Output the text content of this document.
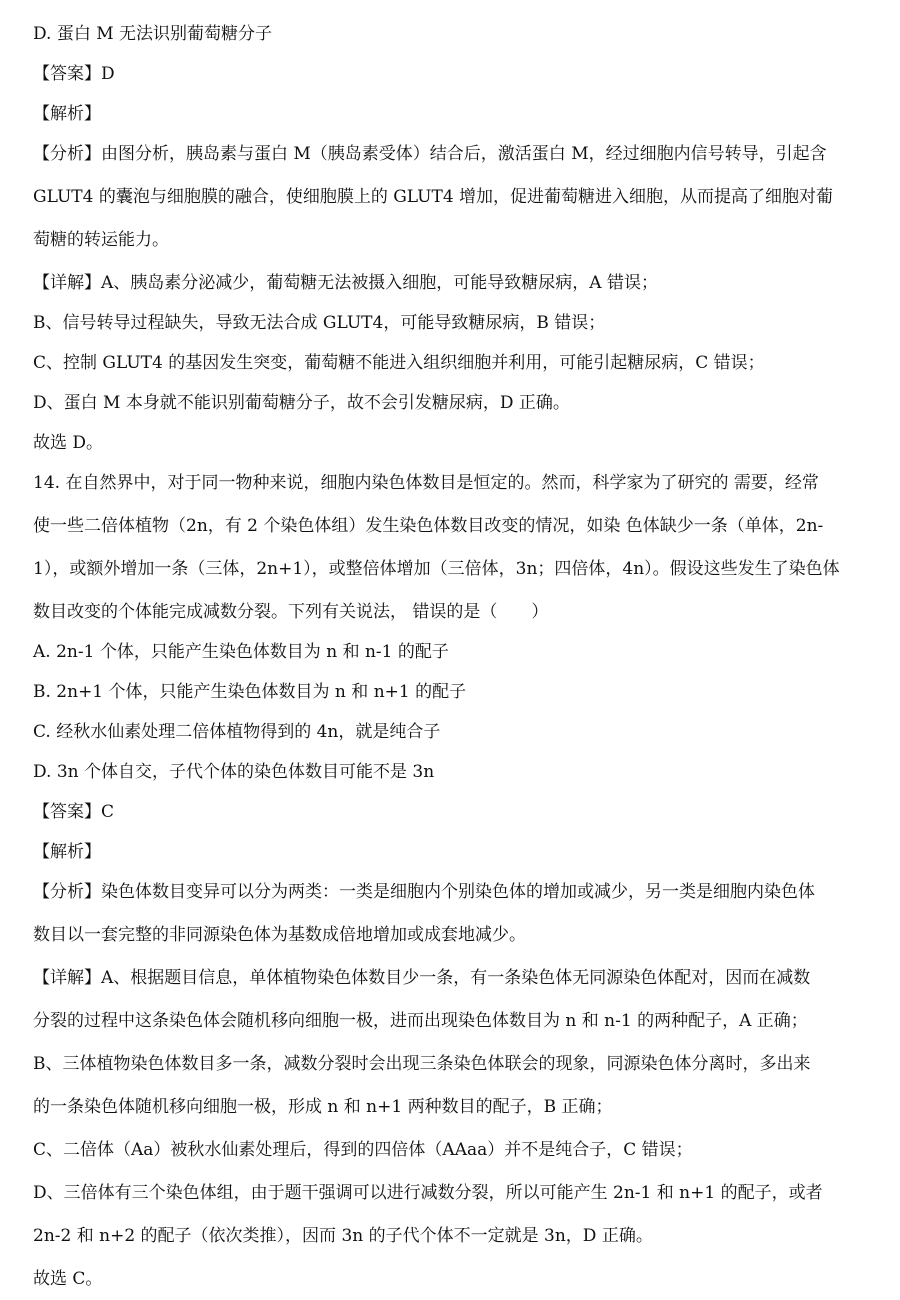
D. 蛋白 M 无法识别葡萄糖分子
【答案】D
【解析】
【分析】由图分析，胰岛素与蛋白 M（胰岛素受体）结合后，激活蛋白 M，经过细胞内信号转导，引起含
GLUT4 的囊泡与细胞膜的融合，使细胞膜上的 GLUT4 增加，促进葡萄糖进入细胞，从而提高了细胞对葡
萄糖的转运能力。
【详解】A、胰岛素分泌减少，葡萄糖无法被摄入细胞，可能导致糖尿病，A 错误；
B、信号转导过程缺失，导致无法合成 GLUT4，可能导致糖尿病，B 错误；
C、控制 GLUT4 的基因发生突变，葡萄糖不能进入组织细胞并利用，可能引起糖尿病，C 错误；
D、蛋白 M 本身就不能识别葡萄糖分子，故不会引发糖尿病，D 正确。
故选 D。
14. 在自然界中，对于同一物种来说，细胞内染色体数目是恒定的。然而，科学家为了研究的 需要，经常
使一些二倍体植物（2n，有 2 个染色体组）发生染色体数目改变的情况，如染 色体缺少一条（单体，2n-
1），或额外增加一条（三体，2n+1），或整倍体增加（三倍体，3n；四倍体，4n）。假设这些发生了染色体
数目改变的个体能完成减数分裂。下列有关说法， 错误的是（　　）
A. 2n-1 个体，只能产生染色体数目为 n 和 n-1 的配子
B. 2n+1 个体，只能产生染色体数目为 n 和 n+1 的配子
C. 经秋水仙素处理二倍体植物得到的 4n，就是纯合子
D. 3n 个体自交，子代个体的染色体数目可能不是 3n
【答案】C
【解析】
【分析】染色体数目变异可以分为两类：一类是细胞内个别染色体的增加或减少，另一类是细胞内染色体
数目以一套完整的非同源染色体为基数成倍地增加或成套地减少。
【详解】A、根据题目信息，单体植物染色体数目少一条，有一条染色体无同源染色体配对，因而在减数
分裂的过程中这条染色体会随机移向细胞一极，进而出现染色体数目为 n 和 n-1 的两种配子，A 正确；
B、三体植物染色体数目多一条，减数分裂时会出现三条染色体联会的现象，同源染色体分离时，多出来
的一条染色体随机移向细胞一极，形成 n 和 n+1 两种数目的配子，B 正确；
C、二倍体（Aa）被秋水仙素处理后，得到的四倍体（AAaa）并不是纯合子，C 错误；
D、三倍体有三个染色体组，由于题干强调可以进行减数分裂，所以可能产生 2n-1 和 n+1 的配子，或者
2n-2 和 n+2 的配子（依次类推），因而 3n 的子代个体不一定就是 3n，D 正确。
故选 C。
